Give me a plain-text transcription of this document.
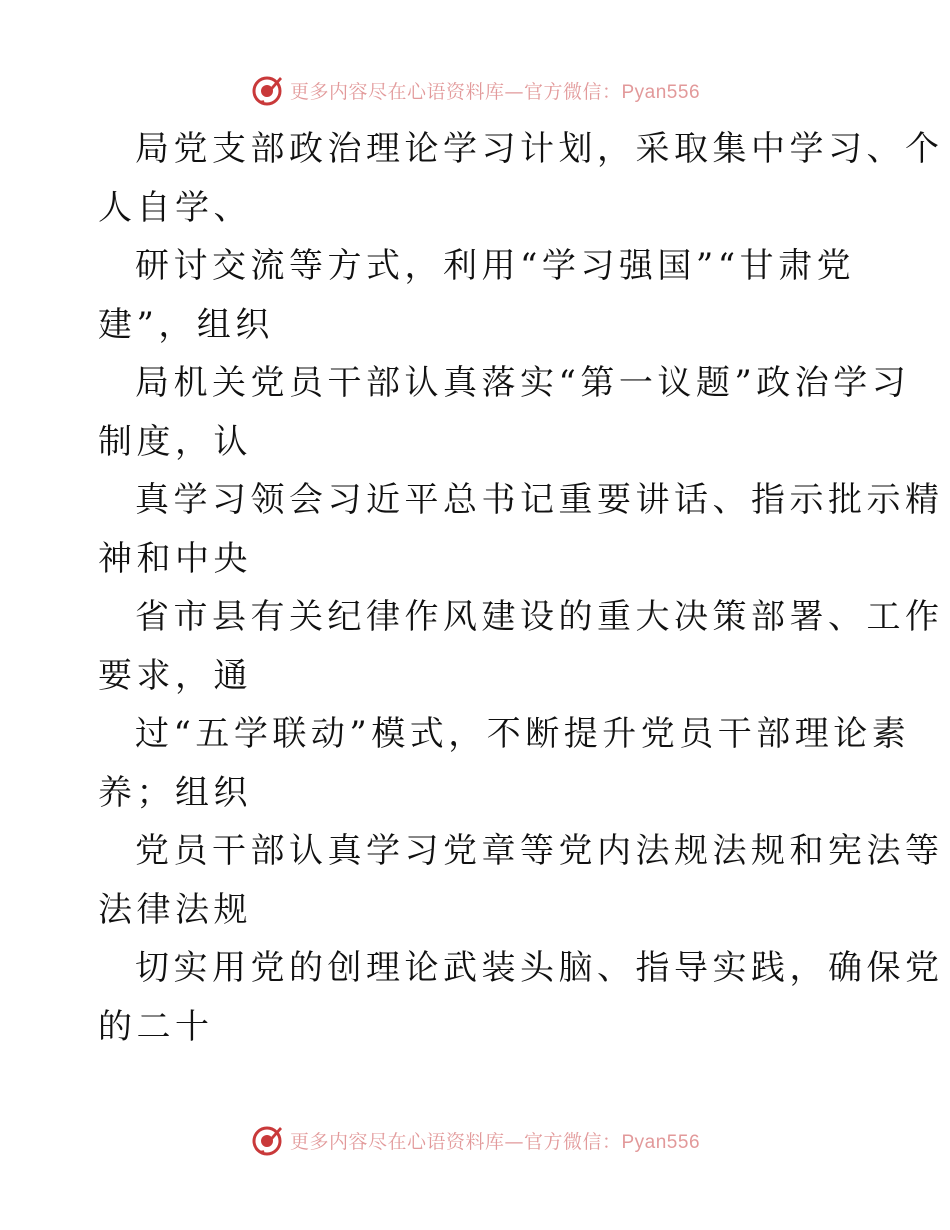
更多内容尽在心语资料库—官方微信：Pyan556

局党支部政治理论学习计划，采取集中学习、个

人自学、

研讨交流等方式，利用“学习强国”“甘肃党

建”，组织

局机关党员干部认真落实“第一议题”政治学习

制度，认

真学习领会习近平总书记重要讲话、指示批示精

神和中央

省市县有关纪律作风建设的重大决策部署、工作

要求，通

过“五学联动”模式，不断提升党员干部理论素

养；组织

党员干部认真学习党章等党内法规法规和宪法等

法律法规

切实用党的创理论武装头脑、指导实践，确保党

的二十

更多内容尽在心语资料库—官方微信：Pyan556
